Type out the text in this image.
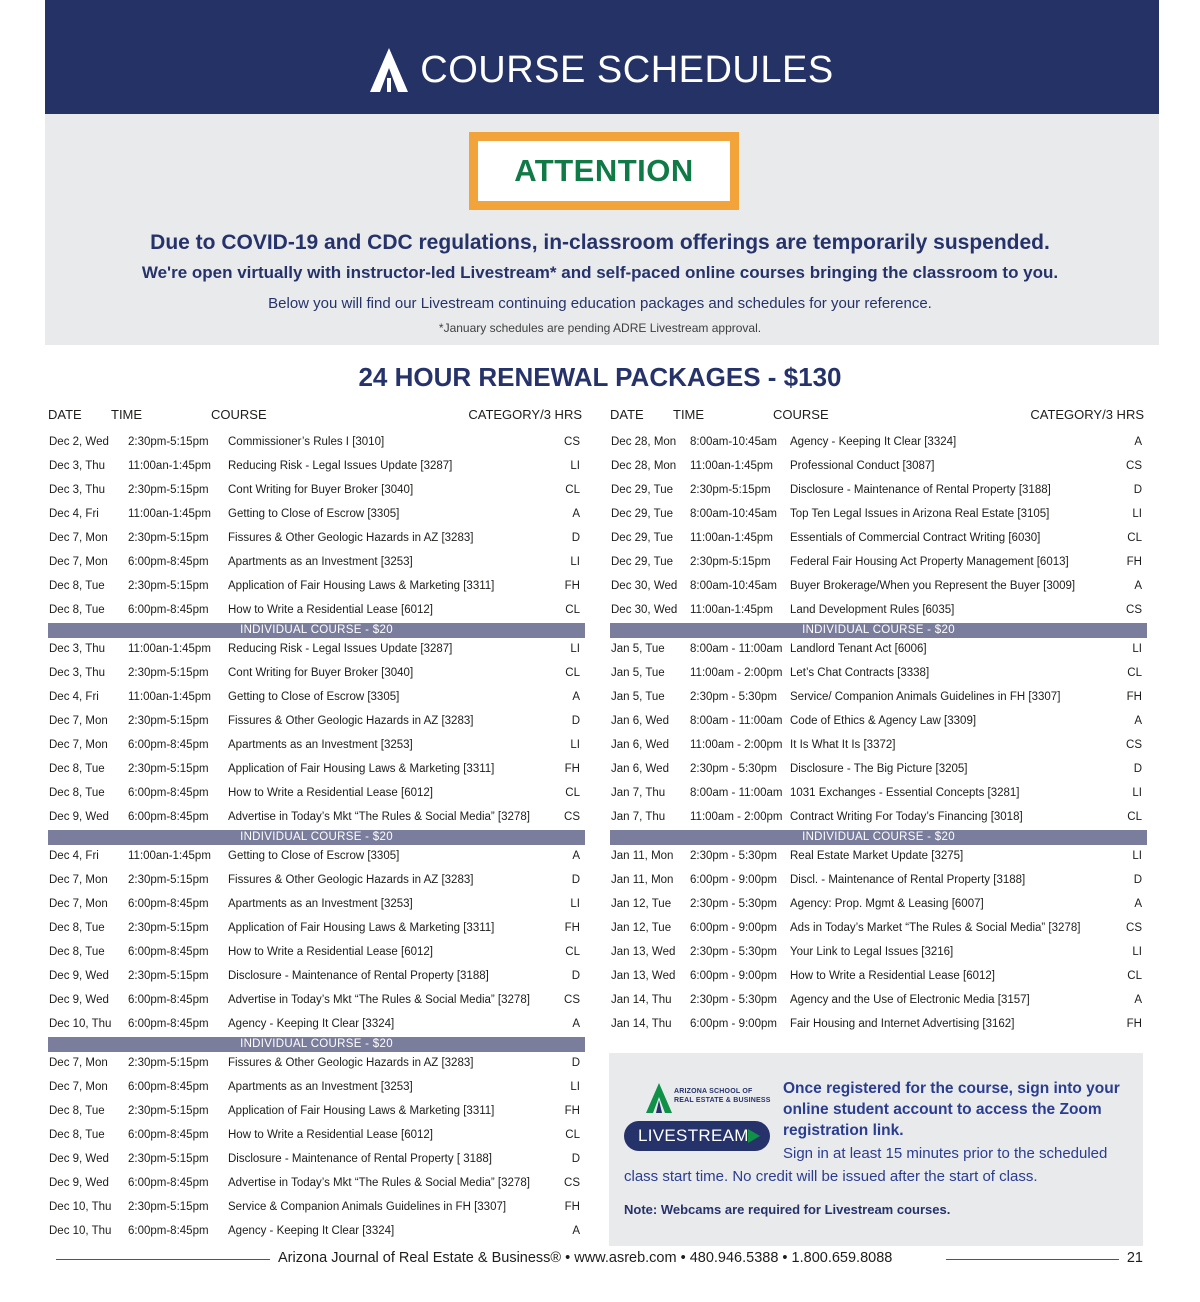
COURSE SCHEDULES
ATTENTION
Due to COVID-19 and CDC regulations, in-classroom offerings are temporarily suspended.
We're open virtually with instructor-led Livestream* and self-paced online courses bringing the classroom to you.
Below you will find our Livestream continuing education packages and schedules for your reference.
*January schedules are pending ADRE Livestream approval.
24 HOUR RENEWAL PACKAGES - $130
DATE TIME	COURSE	CATEGORY/3 HRS
Dec 2, Wed 2:30pm-5:15pm Commissioner’s Rules I [3010]	CS
Dec 3, Thu 11:00an-1:45pm Reducing Risk - Legal Issues Update [3287]	LI
Dec 3, Thu 2:30pm-5:15pm Cont Writing for Buyer Broker [3040]	CL
Dec 4, Fri	11:00an-1:45pm Getting to Close of Escrow [3305]	A
Dec 7, Mon 2:30pm-5:15pm Fissures & Other Geologic Hazards in AZ [3283]	D
Dec 7, Mon 6:00pm-8:45pm Apartments as an Investment [3253]	LI
Dec 8, Tue 2:30pm-5:15pm Application of Fair Housing Laws & Marketing [3311]	FH
Dec 8, Tue 6:00pm-8:45pm How to Write a Residential Lease [6012]	CL
INDIVIDUAL COURSE - $20
Dec 3, Thu 11:00an-1:45pm Reducing Risk - Legal Issues Update [3287]	LI
Dec 3, Thu 2:30pm-5:15pm Cont Writing for Buyer Broker [3040]	CL
Dec 4, Fri	11:00an-1:45pm Getting to Close of Escrow [3305]	A
Dec 7, Mon 2:30pm-5:15pm Fissures & Other Geologic Hazards in AZ [3283]	D
Dec 7, Mon 6:00pm-8:45pm Apartments as an Investment [3253]	LI
Dec 8, Tue 2:30pm-5:15pm Application of Fair Housing Laws & Marketing [3311]	FH
Dec 8, Tue 6:00pm-8:45pm How to Write a Residential Lease [6012]	CL
Dec 9, Wed 6:00pm-8:45pm Advertise in Today’s Mkt “The Rules & Social Media” [3278]	CS
INDIVIDUAL COURSE - $20
Dec 4, Fri	11:00an-1:45pm Getting to Close of Escrow [3305]	A
Dec 7, Mon 2:30pm-5:15pm Fissures & Other Geologic Hazards in AZ [3283]	D
Dec 7, Mon 6:00pm-8:45pm Apartments as an Investment [3253]	LI
Dec 8, Tue 2:30pm-5:15pm Application of Fair Housing Laws & Marketing [3311]	FH
Dec 8, Tue 6:00pm-8:45pm How to Write a Residential Lease [6012]	CL
Dec 9, Wed 2:30pm-5:15pm Disclosure - Maintenance of Rental Property [3188]	D
Dec 9, Wed 6:00pm-8:45pm Advertise in Today’s Mkt “The Rules & Social Media” [3278]	CS
Dec 10, Thu 6:00pm-8:45pm Agency - Keeping It Clear [3324]	A
INDIVIDUAL COURSE - $20
Dec 7, Mon 2:30pm-5:15pm Fissures & Other Geologic Hazards in AZ [3283]	D
Dec 7, Mon 6:00pm-8:45pm Apartments as an Investment [3253]	LI
Dec 8, Tue 2:30pm-5:15pm Application of Fair Housing Laws & Marketing [3311]	FH
Dec 8, Tue 6:00pm-8:45pm How to Write a Residential Lease [6012]	CL
Dec 9, Wed 2:30pm-5:15pm Disclosure - Maintenance of Rental Property [ 3188]	D
Dec 9, Wed 6:00pm-8:45pm Advertise in Today’s Mkt “The Rules & Social Media” [3278]	CS
Dec 10, Thu 2:30pm-5:15pm Service & Companion Animals Guidelines in FH [3307]	FH
Dec 10, Thu 6:00pm-8:45pm Agency - Keeping It Clear [3324]	A
DATE TIME	COURSE	CATEGORY/3 HRS
Dec 28, Mon 8:00am-10:45am Agency - Keeping It Clear [3324]	A
Dec 28, Mon 11:00an-1:45pm Professional Conduct [3087]	CS
Dec 29, Tue 2:30pm-5:15pm Disclosure - Maintenance of Rental Property [3188]	D
Dec 29, Tue 8:00am-10:45am Top Ten Legal Issues in Arizona Real Estate [3105]	LI
Dec 29, Tue 11:00an-1:45pm Essentials of Commercial Contract Writing [6030]	CL
Dec 29, Tue 2:30pm-5:15pm Federal Fair Housing Act Property Management [6013]	FH
Dec 30, Wed 8:00am-10:45am Buyer Brokerage/When you Represent the Buyer [3009]	A
Dec 30, Wed 11:00an-1:45pm Land Development Rules [6035]	CS
INDIVIDUAL COURSE - $20
Jan 5, Tue 8:00am - 11:00am Landlord Tenant Act [6006]	LI
Jan 5, Tue 11:00am - 2:00pm Let’s Chat Contracts [3338]	CL
Jan 5, Tue 2:30pm - 5:30pm Service/ Companion Animals Guidelines in FH [3307]	FH
Jan 6, Wed 8:00am - 11:00am Code of Ethics & Agency Law [3309]	A
Jan 6, Wed 11:00am - 2:00pm It Is What It Is [3372]	CS
Jan 6, Wed 2:30pm - 5:30pm Disclosure - The Big Picture [3205]	D
Jan 7, Thu 8:00am - 11:00am 1031 Exchanges - Essential Concepts [3281]	LI
Jan 7, Thu 11:00am - 2:00pm Contract Writing For Today’s Financing [3018]	CL
INDIVIDUAL COURSE - $20
Jan 11, Mon 2:30pm - 5:30pm Real Estate Market Update [3275]	LI
Jan 11, Mon 6:00pm - 9:00pm Discl. - Maintenance of Rental Property [3188]	D
Jan 12, Tue 2:30pm - 5:30pm Agency: Prop. Mgmt & Leasing [6007]	A
Jan 12, Tue 6:00pm - 9:00pm Ads in Today’s Market “The Rules & Social Media” [3278]	CS
Jan 13, Wed 2:30pm - 5:30pm Your Link to Legal Issues [3216]	LI
Jan 13, Wed 6:00pm - 9:00pm How to Write a Residential Lease [6012]	CL
Jan 14, Thu 2:30pm - 5:30pm Agency and the Use of Electronic Media [3157]	A
Jan 14, Thu 6:00pm - 9:00pm Fair Housing and Internet Advertising [3162]	FH
ARIZONA SCHOOL OF
REAL ESTATE & BUSINESS
LIVESTREAM
Once registered for the course, sign into your online student account to access the Zoom registration link.
Sign in at least 15 minutes prior to the scheduled
class start time. No credit will be issued after the start of class.
Note: Webcams are required for Livestream courses.
Arizona Journal of Real Estate & Business® • www.asreb.com • 480.946.5388 • 1.800.659.8088	21
